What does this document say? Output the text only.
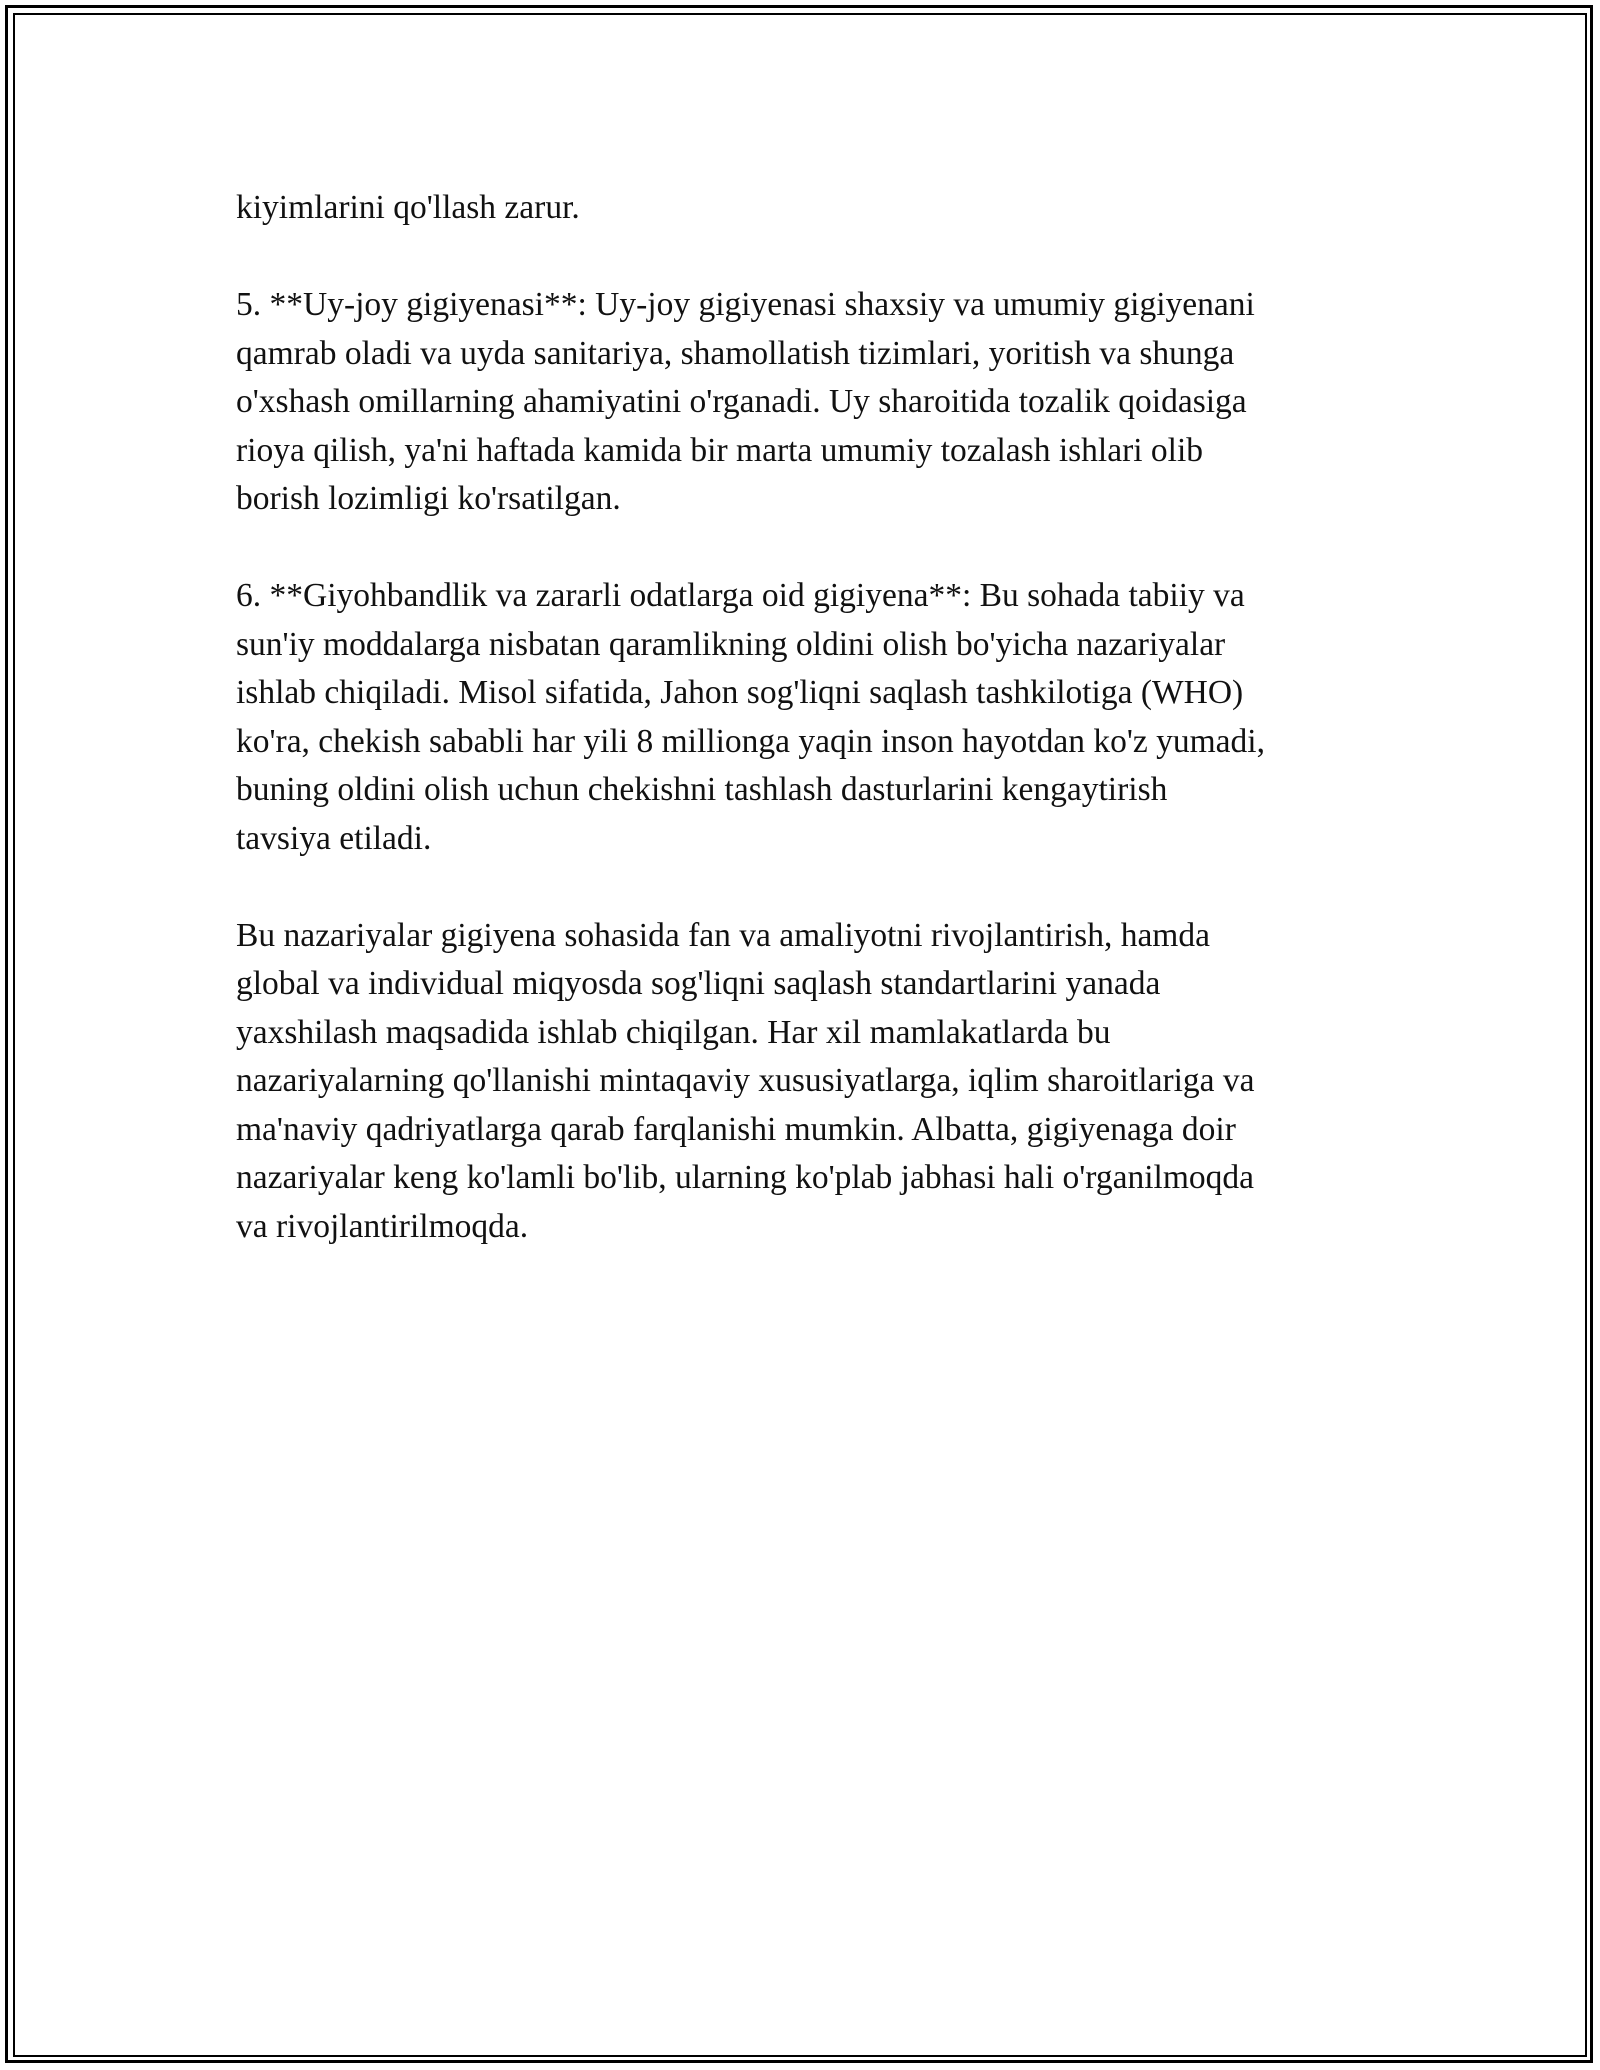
kiyimlarini qo'llash zarur.

5. **Uy-joy gigiyenasi**: Uy-joy gigiyenasi shaxsiy va umumiy gigiyenani
qamrab oladi va uyda sanitariya, shamollatish tizimlari, yoritish va shunga
o'xshash omillarning ahamiyatini o'rganadi. Uy sharoitida tozalik qoidasiga
rioya qilish, ya'ni haftada kamida bir marta umumiy tozalash ishlari olib
borish lozimligi ko'rsatilgan.

6. **Giyohbandlik va zararli odatlarga oid gigiyena**: Bu sohada tabiiy va
sun'iy moddalarga nisbatan qaramlikning oldini olish bo'yicha nazariyalar
ishlab chiqiladi. Misol sifatida, Jahon sog'liqni saqlash tashkilotiga (WHO)
ko'ra, chekish sababli har yili 8 millionga yaqin inson hayotdan ko'z yumadi,
buning oldini olish uchun chekishni tashlash dasturlarini kengaytirish
tavsiya etiladi.

Bu nazariyalar gigiyena sohasida fan va amaliyotni rivojlantirish, hamda
global va individual miqyosda sog'liqni saqlash standartlarini yanada
yaxshilash maqsadida ishlab chiqilgan. Har xil mamlakatlarda bu
nazariyalarning qo'llanishi mintaqaviy xususiyatlarga, iqlim sharoitlariga va
ma'naviy qadriyatlarga qarab farqlanishi mumkin. Albatta, gigiyenaga doir
nazariyalar keng ko'lamli bo'lib, ularning ko'plab jabhasi hali o'rganilmoqda
va rivojlantirilmoqda.
